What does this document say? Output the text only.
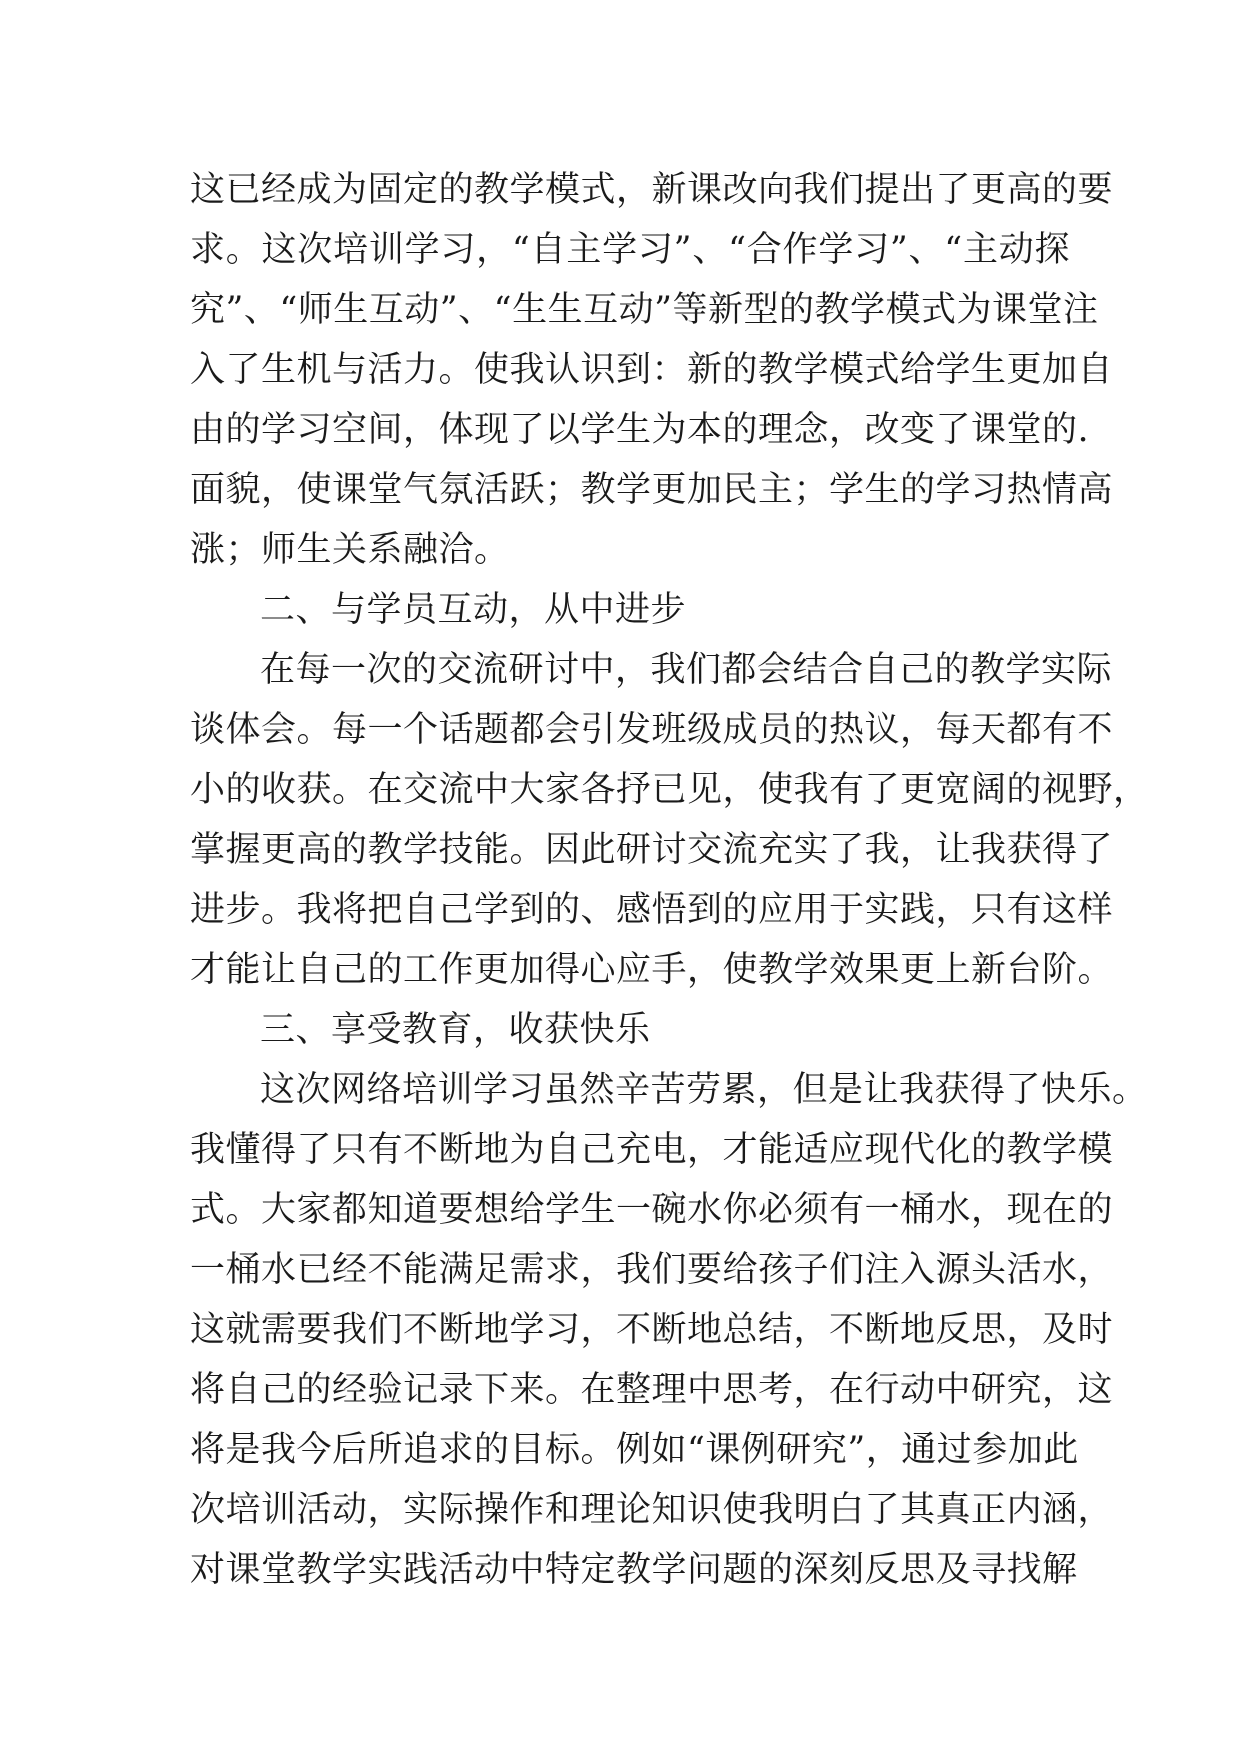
这已经成为固定的教学模式，新课改向我们提出了更高的要
求。这次培训学习，“自主学习”、“合作学习”、“主动探
究”、“师生互动”、“生生互动”等新型的教学模式为课堂注
入了生机与活力。使我认识到：新的教学模式给学生更加自
由的学习空间，体现了以学生为本的理念，改变了课堂的.
面貌，使课堂气氛活跃；教学更加民主；学生的学习热情高
涨；师生关系融洽。
二、与学员互动，从中进步
在每一次的交流研讨中，我们都会结合自己的教学实际
谈体会。每一个话题都会引发班级成员的热议，每天都有不
小的收获。在交流中大家各抒已见，使我有了更宽阔的视野，
掌握更高的教学技能。因此研讨交流充实了我，让我获得了
进步。我将把自己学到的、感悟到的应用于实践，只有这样
才能让自己的工作更加得心应手，使教学效果更上新台阶。
三、享受教育，收获快乐
这次网络培训学习虽然辛苦劳累，但是让我获得了快乐。
我懂得了只有不断地为自己充电，才能适应现代化的教学模
式。大家都知道要想给学生一碗水你必须有一桶水，现在的
一桶水已经不能满足需求，我们要给孩子们注入源头活水，
这就需要我们不断地学习，不断地总结，不断地反思，及时
将自己的经验记录下来。在整理中思考，在行动中研究，这
将是我今后所追求的目标。例如“课例研究”，通过参加此
次培训活动，实际操作和理论知识使我明白了其真正内涵，
对课堂教学实践活动中特定教学问题的深刻反思及寻找解
